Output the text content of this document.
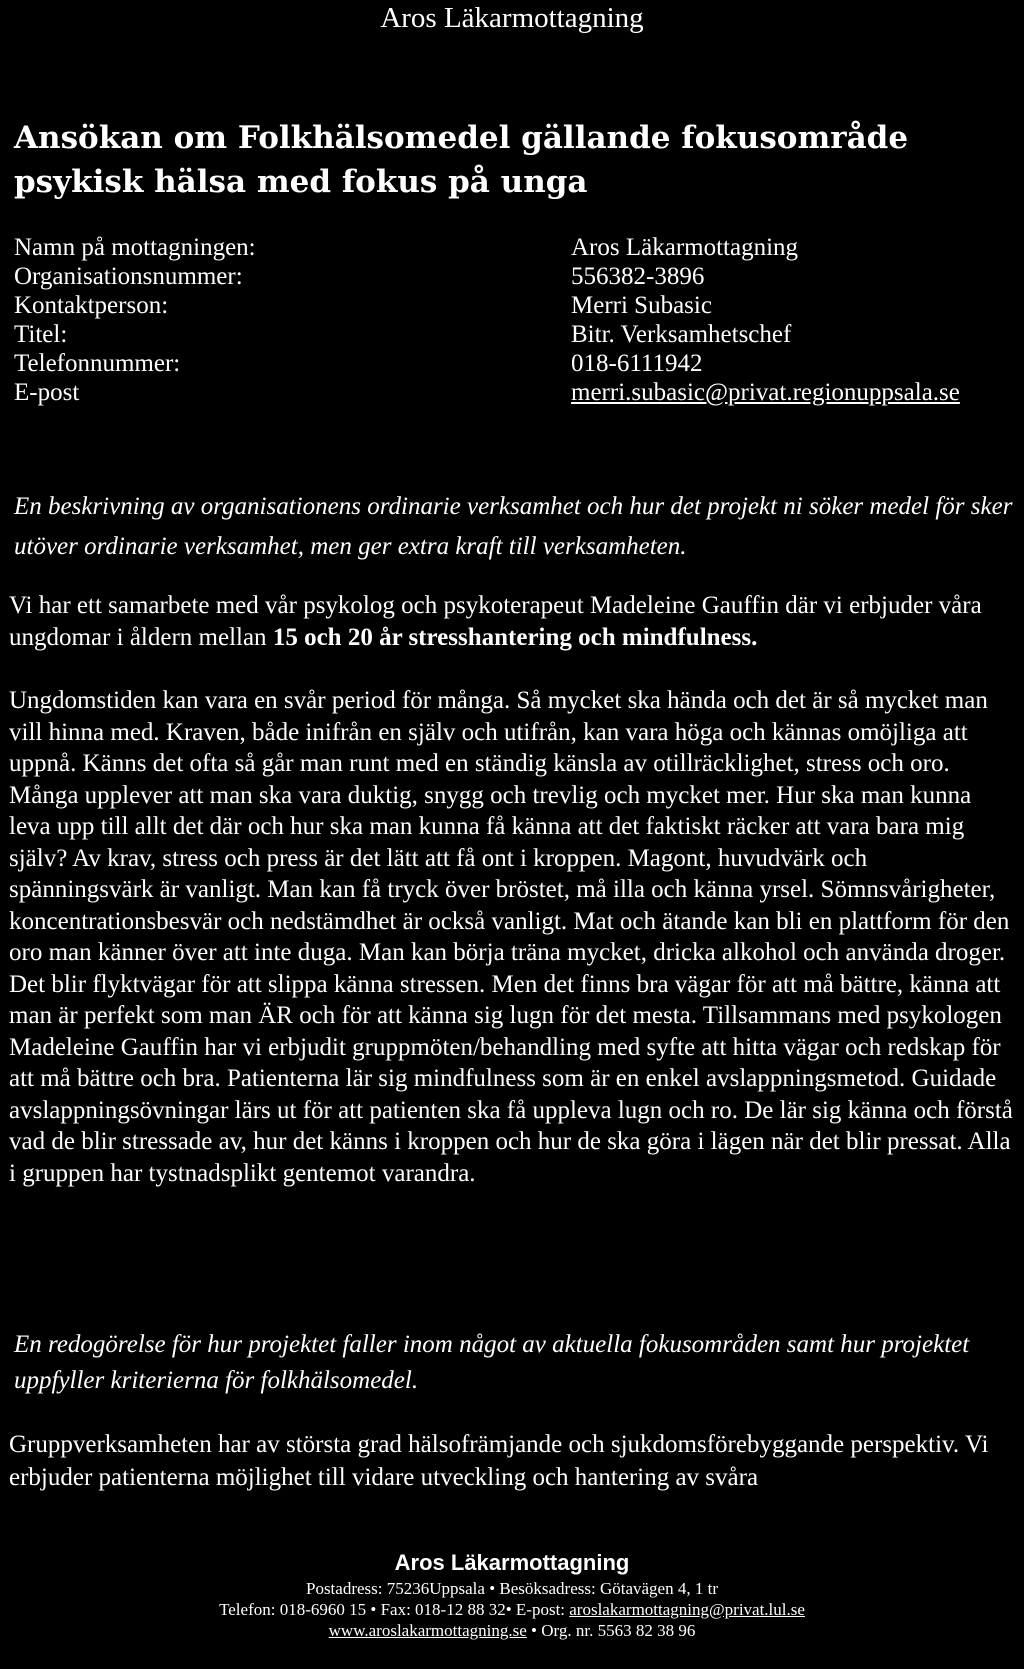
Aros Läkarmottagning
Ansökan om Folkhälsomedel gällande fokusområde psykisk hälsa med fokus på unga
Namn på mottagningen:	Aros Läkarmottagning
Organisationsnummer:	556382-3896
Kontaktperson:	Merri Subasic
Titel:	Bitr. Verksamhetschef
Telefonnummer:	018-6111942
E-post	merri.subasic@privat.regionuppsala.se
En beskrivning av organisationens ordinarie verksamhet och hur det projekt ni söker medel för sker utöver ordinarie verksamhet, men ger extra kraft till verksamheten.
Vi har ett samarbete med vår psykolog och psykoterapeut Madeleine Gauffin där vi erbjuder våra ungdomar i åldern mellan 15 och 20 år stresshantering och mindfulness.
Ungdomstiden kan vara en svår period för många. Så mycket ska hända och det är så mycket man vill hinna med. Kraven, både inifrån en själv och utifrån, kan vara höga och kännas omöjliga att uppnå. Känns det ofta så går man runt med en ständig känsla av otillräcklighet, stress och oro. Många upplever att man ska vara duktig, snygg och trevlig och mycket mer. Hur ska man kunna leva upp till allt det där och hur ska man kunna få känna att det faktiskt räcker att vara bara mig själv? Av krav, stress och press är det lätt att få ont i kroppen. Magont, huvudvärk och spänningsvärk är vanligt. Man kan få tryck över bröstet, må illa och känna yrsel. Sömnsvårigheter, koncentrationsbesvär och nedstämdhet är också vanligt. Mat och ätande kan bli en plattform för den oro man känner över att inte duga. Man kan börja träna mycket, dricka alkohol och använda droger. Det blir flyktvägar för att slippa känna stressen. Men det finns bra vägar för att må bättre, känna att man är perfekt som man ÄR och för att känna sig lugn för det mesta. Tillsammans med psykologen Madeleine Gauffin har vi erbjudit gruppmöten/behandling med syfte att hitta vägar och redskap för att må bättre och bra. Patienterna lär sig mindfulness som är en enkel avslappningsmetod. Guidade avslappningsövningar lärs ut för att patienten ska få uppleva lugn och ro. De lär sig känna och förstå vad de blir stressade av, hur det känns i kroppen och hur de ska göra i lägen när det blir pressat. Alla i gruppen har tystnadsplikt gentemot varandra.
En redogörelse för hur projektet faller inom något av aktuella fokusområden samt hur projektet uppfyller kriterierna för folkhälsomedel.
Gruppverksamheten har av största grad hälsofrämjande och sjukdomsförebyggande perspektiv. Vi erbjuder patienterna möjlighet till vidare utveckling och hantering av svåra
Aros Läkarmottagning
Postadress: 75236Uppsala • Besöksadress: Götavägen 4, 1 tr
Telefon: 018-6960 15 • Fax: 018-12 88 32• E-post: aroslakarmottagning@privat.lul.se
www.aroslakarmottagning.se • Org. nr. 5563 82 38 96
